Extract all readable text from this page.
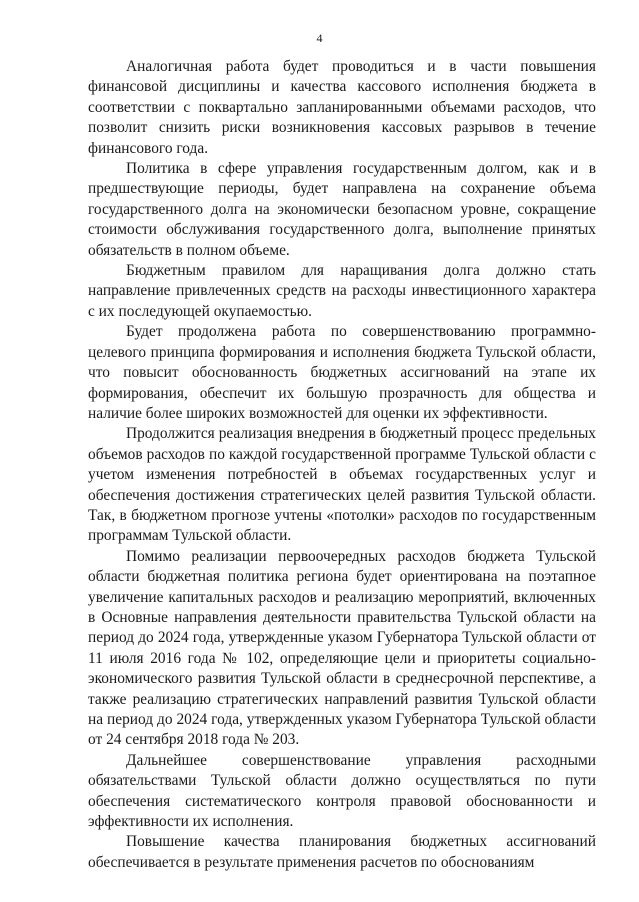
4

Аналогичная работа будет проводиться и в части повышения финансовой дисциплины и качества кассового исполнения бюджета в соответствии с поквартально запланированными объемами расходов, что позволит снизить риски возникновения кассовых разрывов в течение финансового года.

Политика в сфере управления государственным долгом, как и в предшествующие периоды, будет направлена на сохранение объема государственного долга на экономически безопасном уровне, сокращение стоимости обслуживания государственного долга, выполнение принятых обязательств в полном объеме.

Бюджетным правилом для наращивания долга должно стать направление привлеченных средств на расходы инвестиционного характера с их последующей окупаемостью.

Будет продолжена работа по совершенствованию программно-целевого принципа формирования и исполнения бюджета Тульской области, что повысит обоснованность бюджетных ассигнований на этапе их формирования, обеспечит их большую прозрачность для общества и наличие более широких возможностей для оценки их эффективности.

Продолжится реализация внедрения в бюджетный процесс предельных объемов расходов по каждой государственной программе Тульской области с учетом изменения потребностей в объемах государственных услуг и обеспечения достижения стратегических целей развития Тульской области. Так, в бюджетном прогнозе учтены «потолки» расходов по государственным программам Тульской области.

Помимо реализации первоочередных расходов бюджета Тульской области бюджетная политика региона будет ориентирована на поэтапное увеличение капитальных расходов и реализацию мероприятий, включенных в Основные направления деятельности правительства Тульской области на период до 2024 года, утвержденные указом Губернатора Тульской области от 11 июля 2016 года № 102, определяющие цели и приоритеты социально-экономического развития Тульской области в среднесрочной перспективе, а также реализацию стратегических направлений развития Тульской области на период до 2024 года, утвержденных указом Губернатора Тульской области от 24 сентября 2018 года № 203.

Дальнейшее совершенствование управления расходными обязательствами Тульской области должно осуществляться по пути обеспечения систематического контроля правовой обоснованности и эффективности их исполнения.

Повышение качества планирования бюджетных ассигнований обеспечивается в результате применения расчетов по обоснованиям
